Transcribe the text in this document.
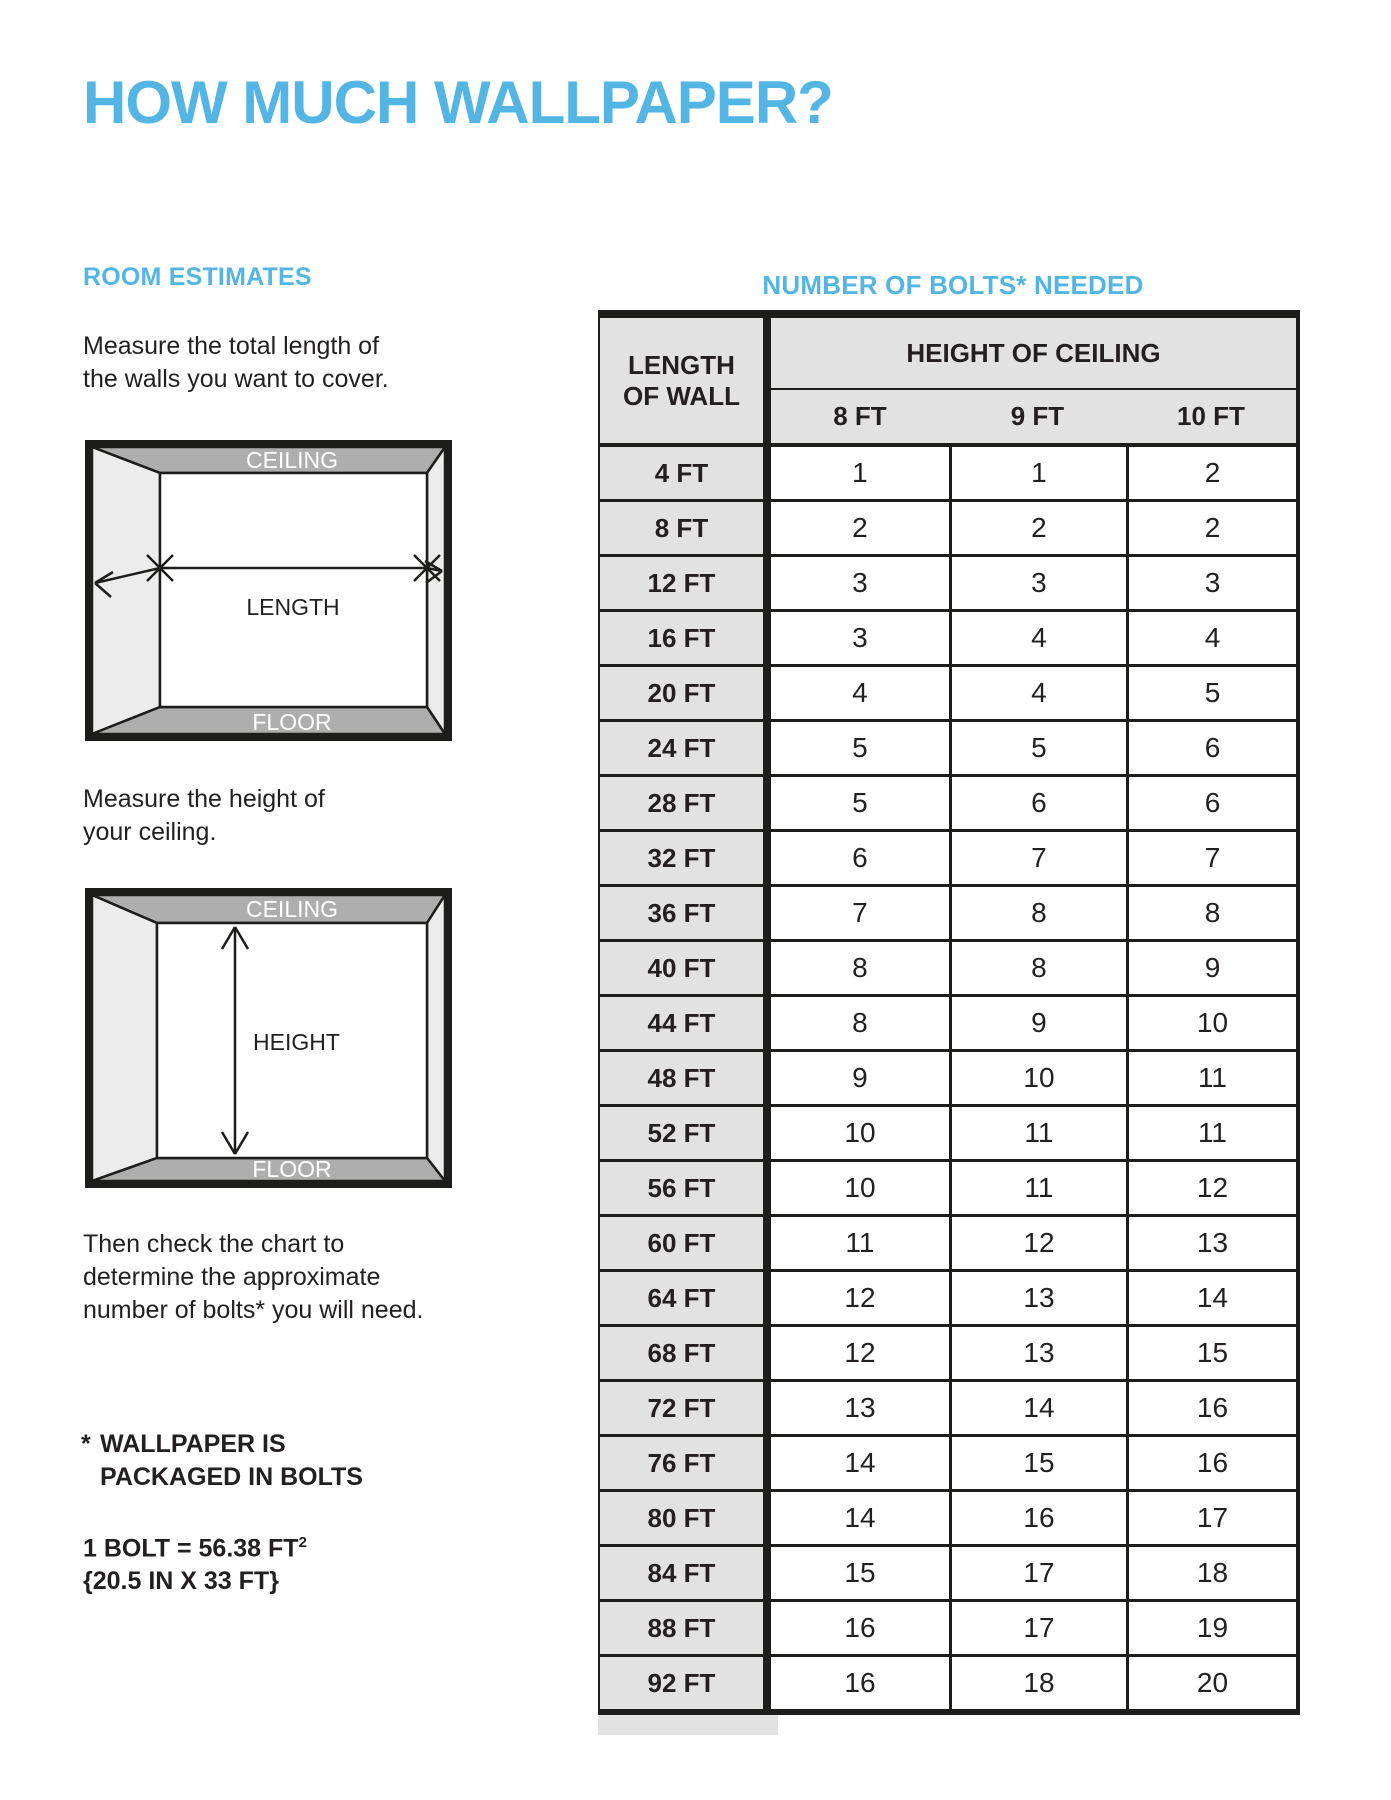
HOW MUCH WALLPAPER?
ROOM ESTIMATES
Measure the total length of
the walls you want to cover.
CEILING
LENGTH
FLOOR
Measure the height of
your ceiling.
CEILING
HEIGHT
FLOOR
Then check the chart to
determine the approximate
number of bolts* you will need.
* WALLPAPER IS
PACKAGED IN BOLTS
1 BOLT = 56.38 $FT^2$
{20.5 IN X 33 FT}
NUMBER OF BOLTS* NEEDED
LENGTH
OF WALL	HEIGHT OF CEILING		
	8 FT	9 FT	10 FT
4 FT	1	1	2
8 FT	2	2	2
12 FT	3	3	3
16 FT	3	4	4
20 FT	4	4	5
24 FT	5	5	6
28 FT	5	6	6
32 FT	6	7	7
36 FT	7	8	8
40 FT	8	8	9
44 FT	8	9	10
48 FT	9	10	11
52 FT	10	11	11
56 FT	10	11	12
60 FT	11	12	13
64 FT	12	13	14
68 FT	12	13	15
72 FT	13	14	16
76 FT	14	15	16
80 FT	14	16	17
84 FT	15	17	18
88 FT	16	17	19
92 FT	16	18	20
